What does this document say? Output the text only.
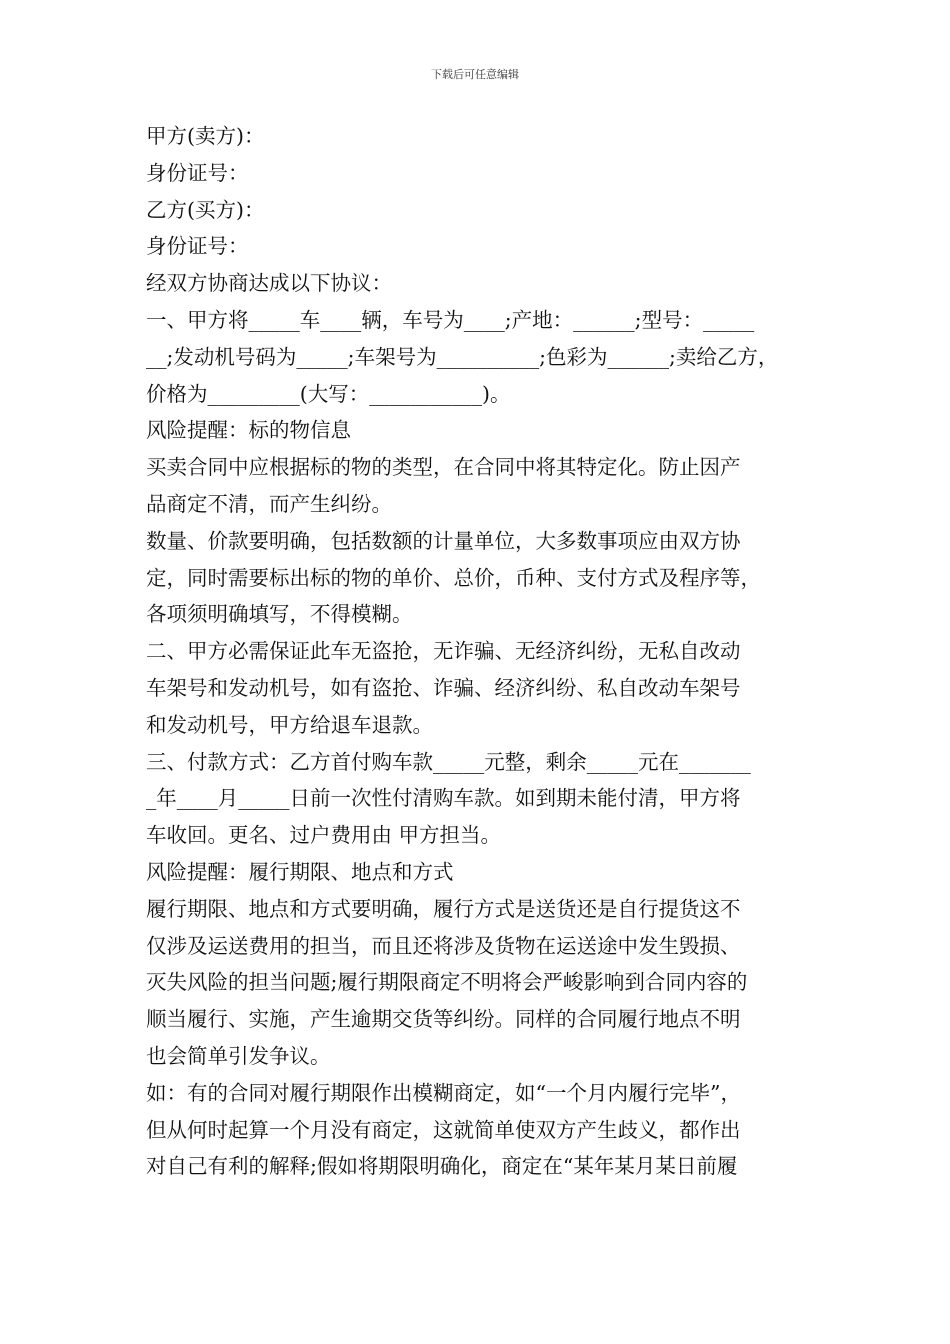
下载后可任意编辑
甲方(卖方)：
身份证号：
乙方(买方)：
身份证号：
经双方协商达成以下协议：
一、甲方将_____车____辆，车号为____;产地：______;型号：_____
__;发动机号码为_____;车架号为__________;色彩为______;卖给乙方，
价格为_________(大写：___________)。
风险提醒：标的物信息
买卖合同中应根据标的物的类型，在合同中将其特定化。防止因产
品商定不清，而产生纠纷。
数量、价款要明确，包括数额的计量单位，大多数事项应由双方协
定，同时需要标出标的物的单价、总价，币种、支付方式及程序等，
各项须明确填写，不得模糊。
二、甲方必需保证此车无盗抢，无诈骗、无经济纠纷，无私自改动
车架号和发动机号，如有盗抢、诈骗、经济纠纷、私自改动车架号
和发动机号，甲方给退车退款。
三、付款方式：乙方首付购车款_____元整，剩余_____元在_______
_年____月_____日前一次性付清购车款。如到期未能付清，甲方将
车收回。更名、过户费用由 甲方担当。
风险提醒：履行期限、地点和方式
履行期限、地点和方式要明确，履行方式是送货还是自行提货这不
仅涉及运送费用的担当，而且还将涉及货物在运送途中发生毁损、
灭失风险的担当问题;履行期限商定不明将会严峻影响到合同内容的
顺当履行、实施，产生逾期交货等纠纷。同样的合同履行地点不明
也会简单引发争议。
如：有的合同对履行期限作出模糊商定，如“一个月内履行完毕”，
但从何时起算一个月没有商定，这就简单使双方产生歧义，都作出
对自己有利的解释;假如将期限明确化，商定在“某年某月某日前履
